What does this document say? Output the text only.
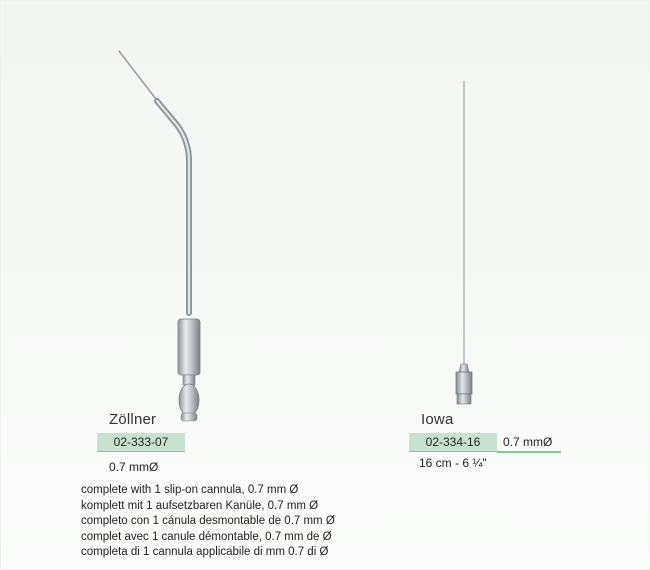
Zöllner
02-333-07
0.7 mmØ
Iowa
02-334-16	0.7 mmØ
16 cm - 6 ¼"
complete with 1 slip-on cannula, 0.7 mm Ø
komplett mit 1 aufsetzbaren Kanüle, 0.7 mm Ø
completo con 1 cánula desmontable de 0.7 mm Ø
complet avec 1 canule démontable, 0.7 mm de Ø
completa di 1 cannula applicabile di mm 0.7 di Ø
